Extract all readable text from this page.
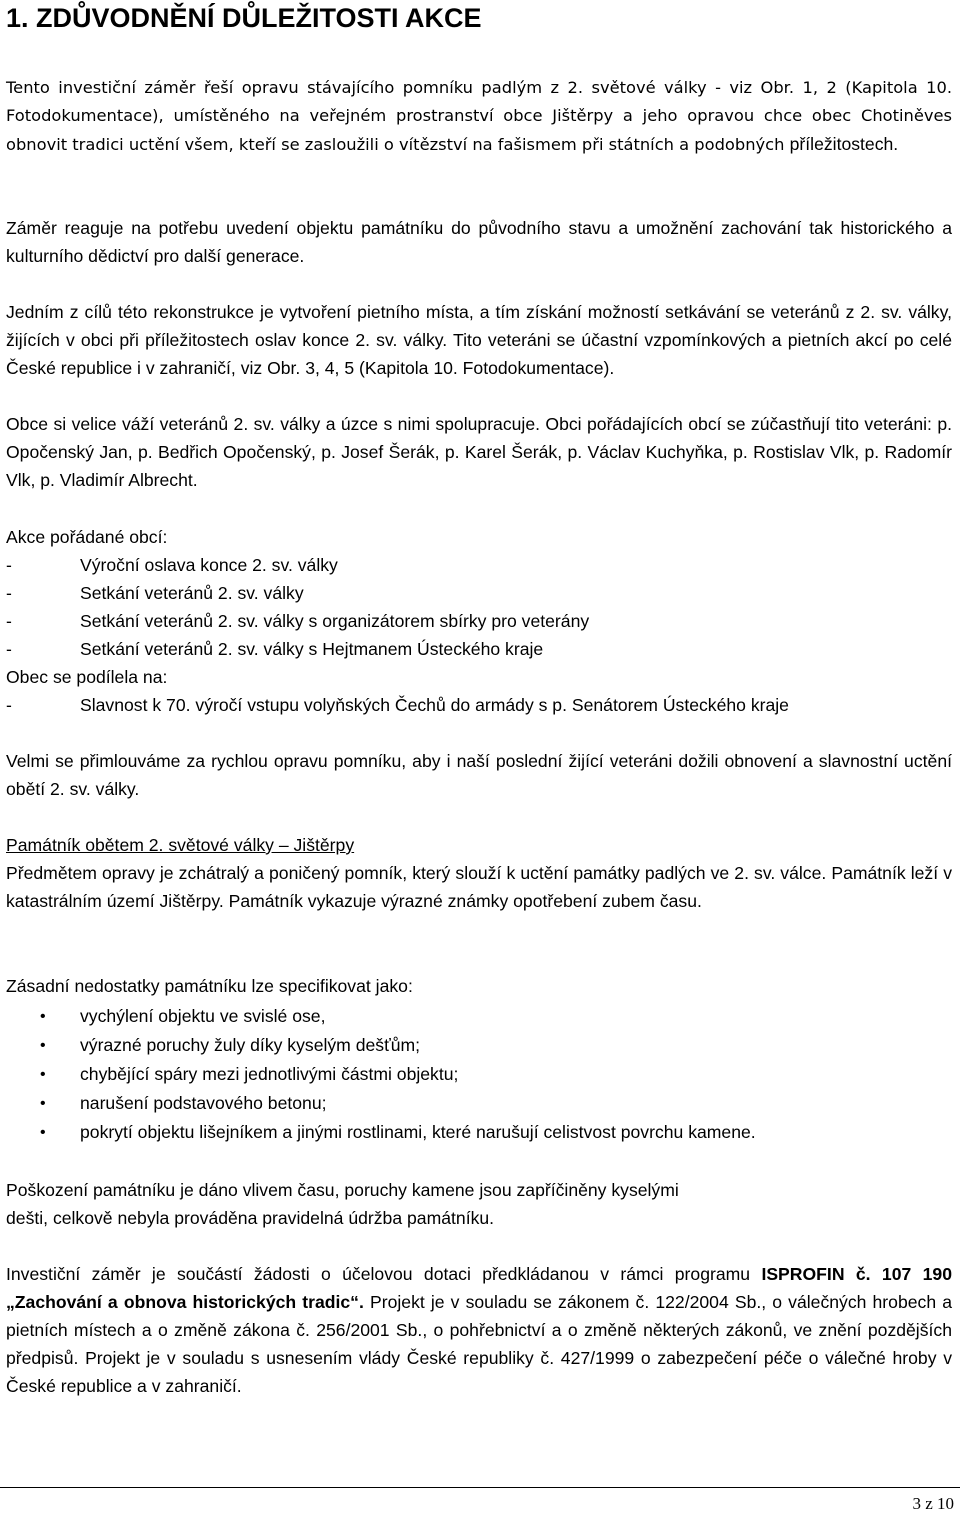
1. ZDŮVODNĚNÍ DŮLEŽITOSTI AKCE

Tento investiční záměr řeší opravu stávajícího pomníku padlým z 2. světové války - viz Obr. 1, 2 (Kapitola 10. Fotodokumentace), umístěného na veřejném prostranství obce Jištěrpy a jeho opravou chce obec Chotiněves obnovit tradici uctění všem, kteří se zasloužili o vítězství na fašismem při státních a podobných příležitostech.

Záměr reaguje na potřebu uvedení objektu památníku do původního stavu a umožnění zachování tak historického a kulturního dědictví pro další generace.

Jedním z cílů této rekonstrukce je vytvoření pietního místa, a tím získání možností setkávání se veteránů z 2. sv. války, žijících v obci při příležitostech oslav konce 2. sv. války. Tito veteráni se účastní vzpomínkových a pietních akcí po celé České republice i v zahraničí, viz Obr. 3, 4, 5 (Kapitola 10. Fotodokumentace).

Obce si velice váží veteránů 2. sv. války a úzce s nimi spolupracuje. Obci pořádajících obcí se zúčastňují tito veteráni: p. Opočenský Jan, p. Bedřich Opočenský, p. Josef Šerák, p. Karel Šerák, p. Václav Kuchyňka, p. Rostislav Vlk, p. Radomír Vlk, p. Vladimír Albrecht.

Akce pořádané obcí:

-	Výroční oslava konce 2. sv. války
-	Setkání veteránů 2. sv. války
-	Setkání veteránů 2. sv. války s organizátorem sbírky pro veterány
-	Setkání veteránů 2. sv. války s Hejtmanem Ústeckého kraje

Obec se podílela na:

-	Slavnost k 70. výročí vstupu volyňských Čechů do armády s p. Senátorem Ústeckého kraje

Velmi se přimlouváme za rychlou opravu pomníku, aby i naší poslední žijící veteráni dožili obnovení a slavnostní uctění obětí 2. sv. války.

Památník obětem 2. světové války – Jištěrpy

Předmětem opravy je zchátralý a poničený pomník, který slouží k uctění památky padlých ve 2. sv. válce. Památník leží v katastrálním území Jištěrpy. Památník vykazuje výrazné známky opotřebení zubem času.

Zásadní nedostatky památníku lze specifikovat jako:

•	vychýlení objektu ve svislé ose,
•	výrazné poruchy žuly díky kyselým dešťům;
•	chybějící spáry mezi jednotlivými částmi objektu;
•	narušení podstavového betonu;
•	pokrytí objektu lišejníkem a jinými rostlinami, které narušují celistvost povrchu kamene.

Poškození památníku je dáno vlivem času, poruchy kamene jsou zapříčiněny kyselými
dešti, celkově nebyla prováděna pravidelná údržba památníku.

Investiční záměr je součástí žádosti o účelovou dotaci předkládanou v rámci programu ISPROFIN č. 107 190 „Zachování a obnova historických tradic“. Projekt je v souladu se zákonem č. 122/2004 Sb., o válečných hrobech a pietních místech a o změně zákona č. 256/2001 Sb., o pohřebnictví a o změně některých zákonů, ve znění pozdějších předpisů. Projekt je v souladu s usnesením vlády České republiky č. 427/1999 o zabezpečení péče o válečné hroby v České republice a v zahraničí.

3 z 10
